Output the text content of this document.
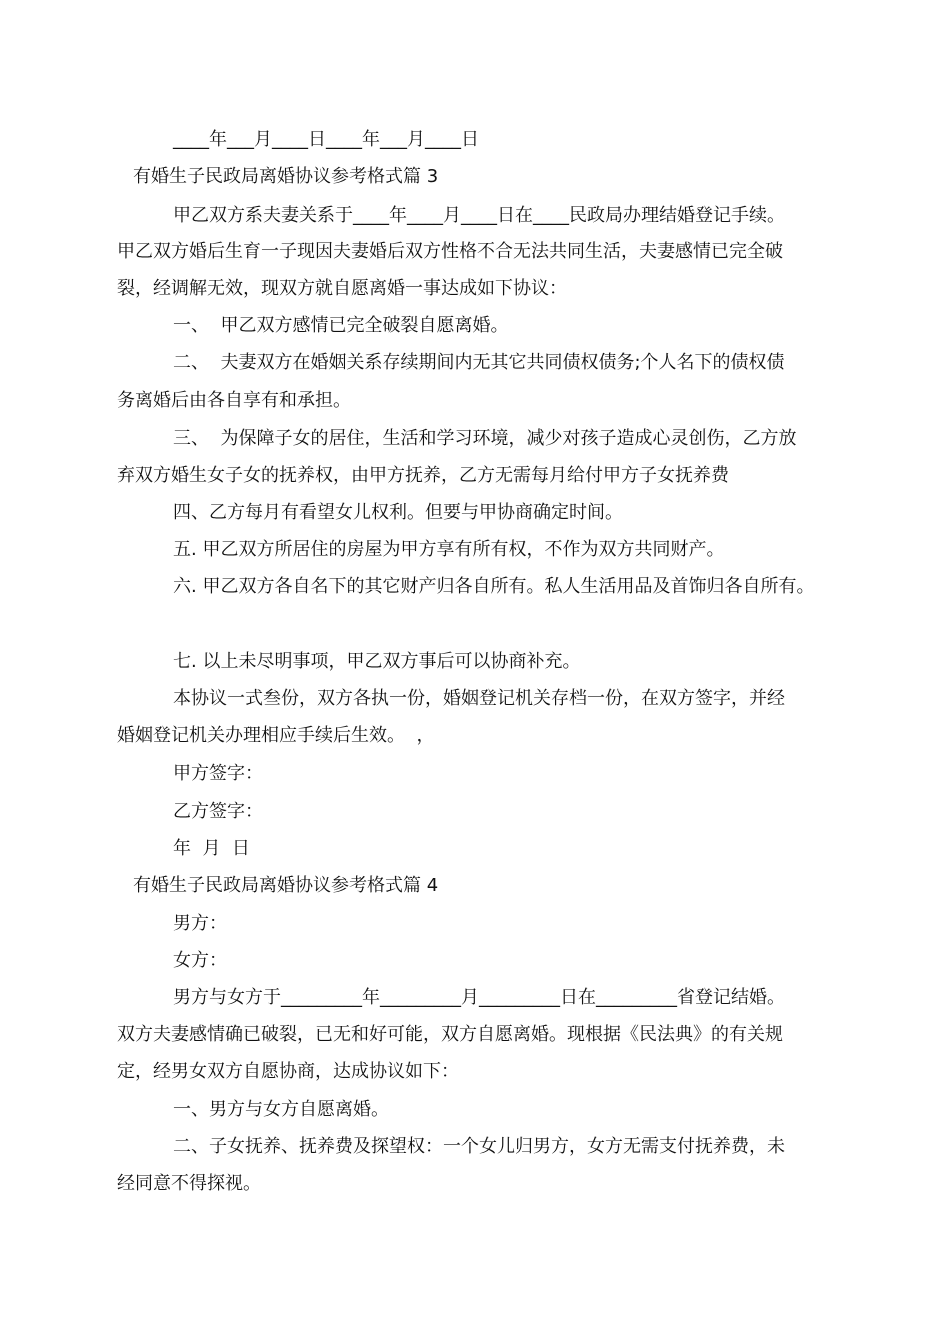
____年___月____日____年___月____日

有婚生子民政局离婚协议参考格式篇 3

甲乙双方系夫妻关系于____年____月____日在____民政局办理结婚登记手续。

甲乙双方婚后生育一子现因夫妻婚后双方性格不合无法共同生活，夫妻感情已完全破

裂，经调解无效，现双方就自愿离婚一事达成如下协议：

一、  甲乙双方感情已完全破裂自愿离婚。

二、  夫妻双方在婚姻关系存续期间内无其它共同债权债务;个人名下的债权债

务离婚后由各自享有和承担。

三、  为保障子女的居住，生活和学习环境，减少对孩子造成心灵创伤，乙方放

弃双方婚生女子女的抚养权，由甲方抚养，乙方无需每月给付甲方子女抚养费

四、乙方每月有看望女儿权利。但要与甲协商确定时间。

五. 甲乙双方所居住的房屋为甲方享有所有权，不作为双方共同财产。

六. 甲乙双方各自名下的其它财产归各自所有。私人生活用品及首饰归各自所有。

七. 以上未尽明事项，甲乙双方事后可以协商补充。

本协议一式叁份，双方各执一份，婚姻登记机关存档一份，在双方签字，并经

婚姻登记机关办理相应手续后生效。  ，

甲方签字：

乙方签字：

年  月  日

有婚生子民政局离婚协议参考格式篇 4

男方：

女方：

男方与女方于_________年_________月_________日在_________省登记结婚。

双方夫妻感情确已破裂，已无和好可能，双方自愿离婚。现根据《民法典》的有关规

定，经男女双方自愿协商，达成协议如下：

一、男方与女方自愿离婚。

二、子女抚养、抚养费及探望权：一个女儿归男方，女方无需支付抚养费，未

经同意不得探视。
